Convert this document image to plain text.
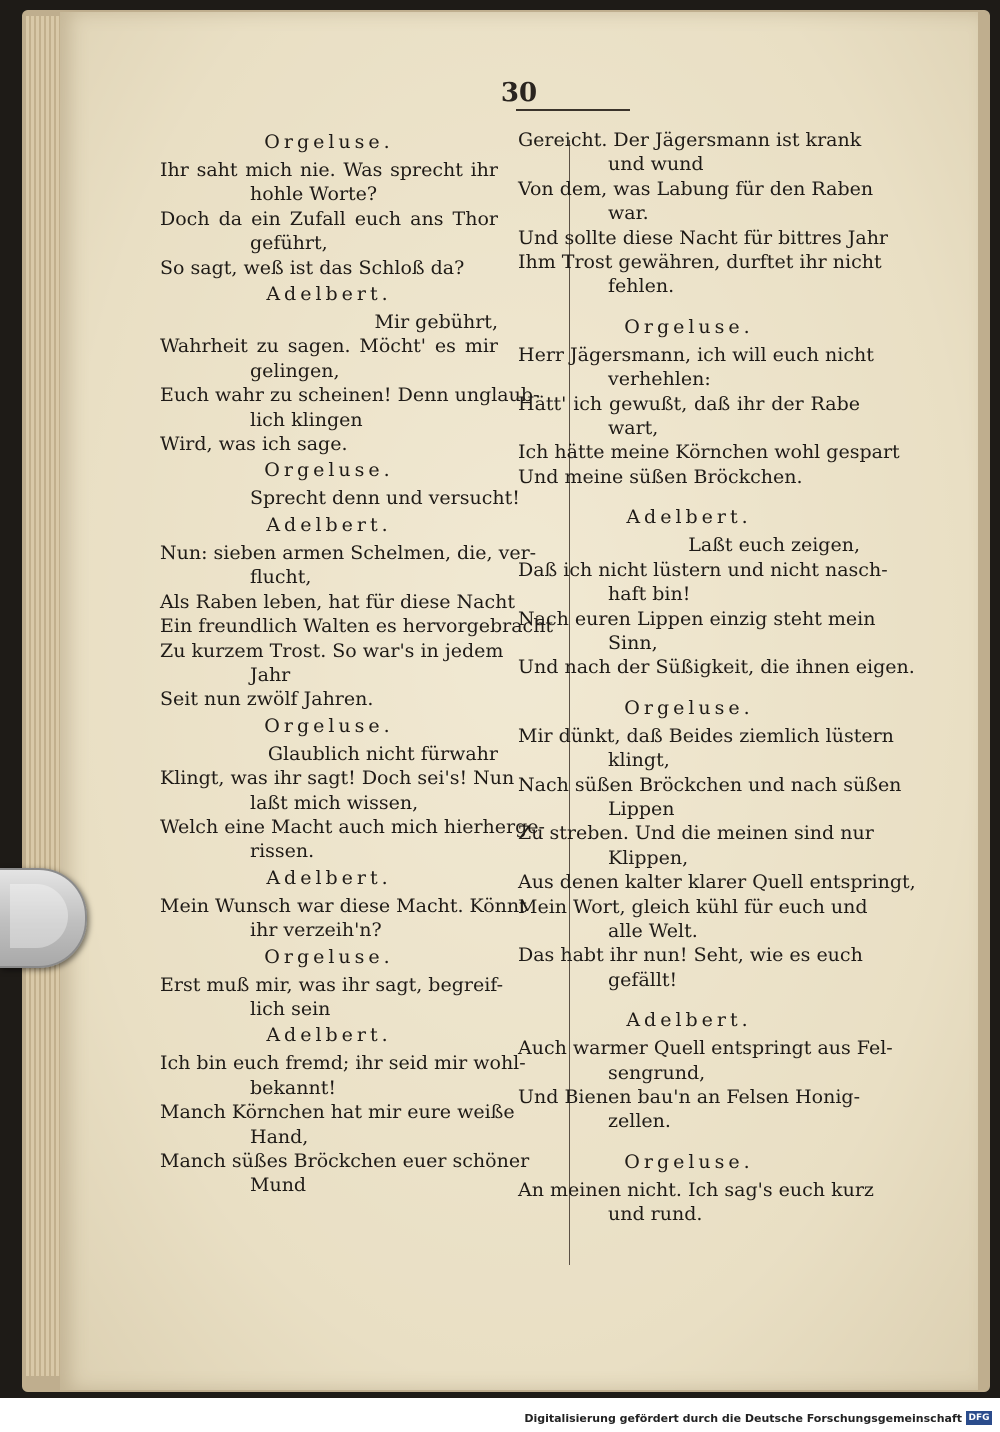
30
Orgeluse.
Ihr saht mich nie. Was sprecht ihr
hohle Worte?
Doch da ein Zufall euch ans Thor
geführt,
So sagt, weß ist das Schloß da?
Adelbert.
Mir gebührt,
Wahrheit zu sagen. Möcht' es mir
gelingen,
Euch wahr zu scheinen! Denn unglaub-
lich klingen
Wird, was ich sage.
Orgeluse.
Sprecht denn und versucht!
Adelbert.
Nun: sieben armen Schelmen, die, ver-
flucht,
Als Raben leben, hat für diese Nacht
Ein freundlich Walten es hervorgebracht
Zu kurzem Trost. So war's in jedem
Jahr
Seit nun zwölf Jahren.
Orgeluse.
Glaublich nicht fürwahr
Klingt, was ihr sagt! Doch sei's! Nun
laßt mich wissen,
Welch eine Macht auch mich hierherge-
rissen.
Adelbert.
Mein Wunsch war diese Macht. Könnt
ihr verzeih'n?
Orgeluse.
Erst muß mir, was ihr sagt, begreif-
lich sein
Adelbert.
Ich bin euch fremd; ihr seid mir wohl-
bekannt!
Manch Körnchen hat mir eure weiße
Hand,
Manch süßes Bröckchen euer schöner
Mund
Gereicht. Der Jägersmann ist krank
und wund
Von dem, was Labung für den Raben
war.
Und sollte diese Nacht für bittres Jahr
Ihm Trost gewähren, durftet ihr nicht
fehlen.
Orgeluse.
Herr Jägersmann, ich will euch nicht
verhehlen:
Hätt' ich gewußt, daß ihr der Rabe
wart,
Ich hätte meine Körnchen wohl gespart
Und meine süßen Bröckchen.
Adelbert.
Laßt euch zeigen,
Daß ich nicht lüstern und nicht nasch-
haft bin!
Nach euren Lippen einzig steht mein
Sinn,
Und nach der Süßigkeit, die ihnen eigen.
Orgeluse.
Mir dünkt, daß Beides ziemlich lüstern
klingt,
Nach süßen Bröckchen und nach süßen
Lippen
Zu streben. Und die meinen sind nur
Klippen,
Aus denen kalter klarer Quell entspringt,
Mein Wort, gleich kühl für euch und
alle Welt.
Das habt ihr nun! Seht, wie es euch
gefällt!
Adelbert.
Auch warmer Quell entspringt aus Fel-
sengrund,
Und Bienen bau'n an Felsen Honig-
zellen.
Orgeluse.
An meinen nicht. Ich sag's euch kurz
und rund.
Digitalisierung gefördert durch die Deutsche Forschungsgemeinschaft DFG
